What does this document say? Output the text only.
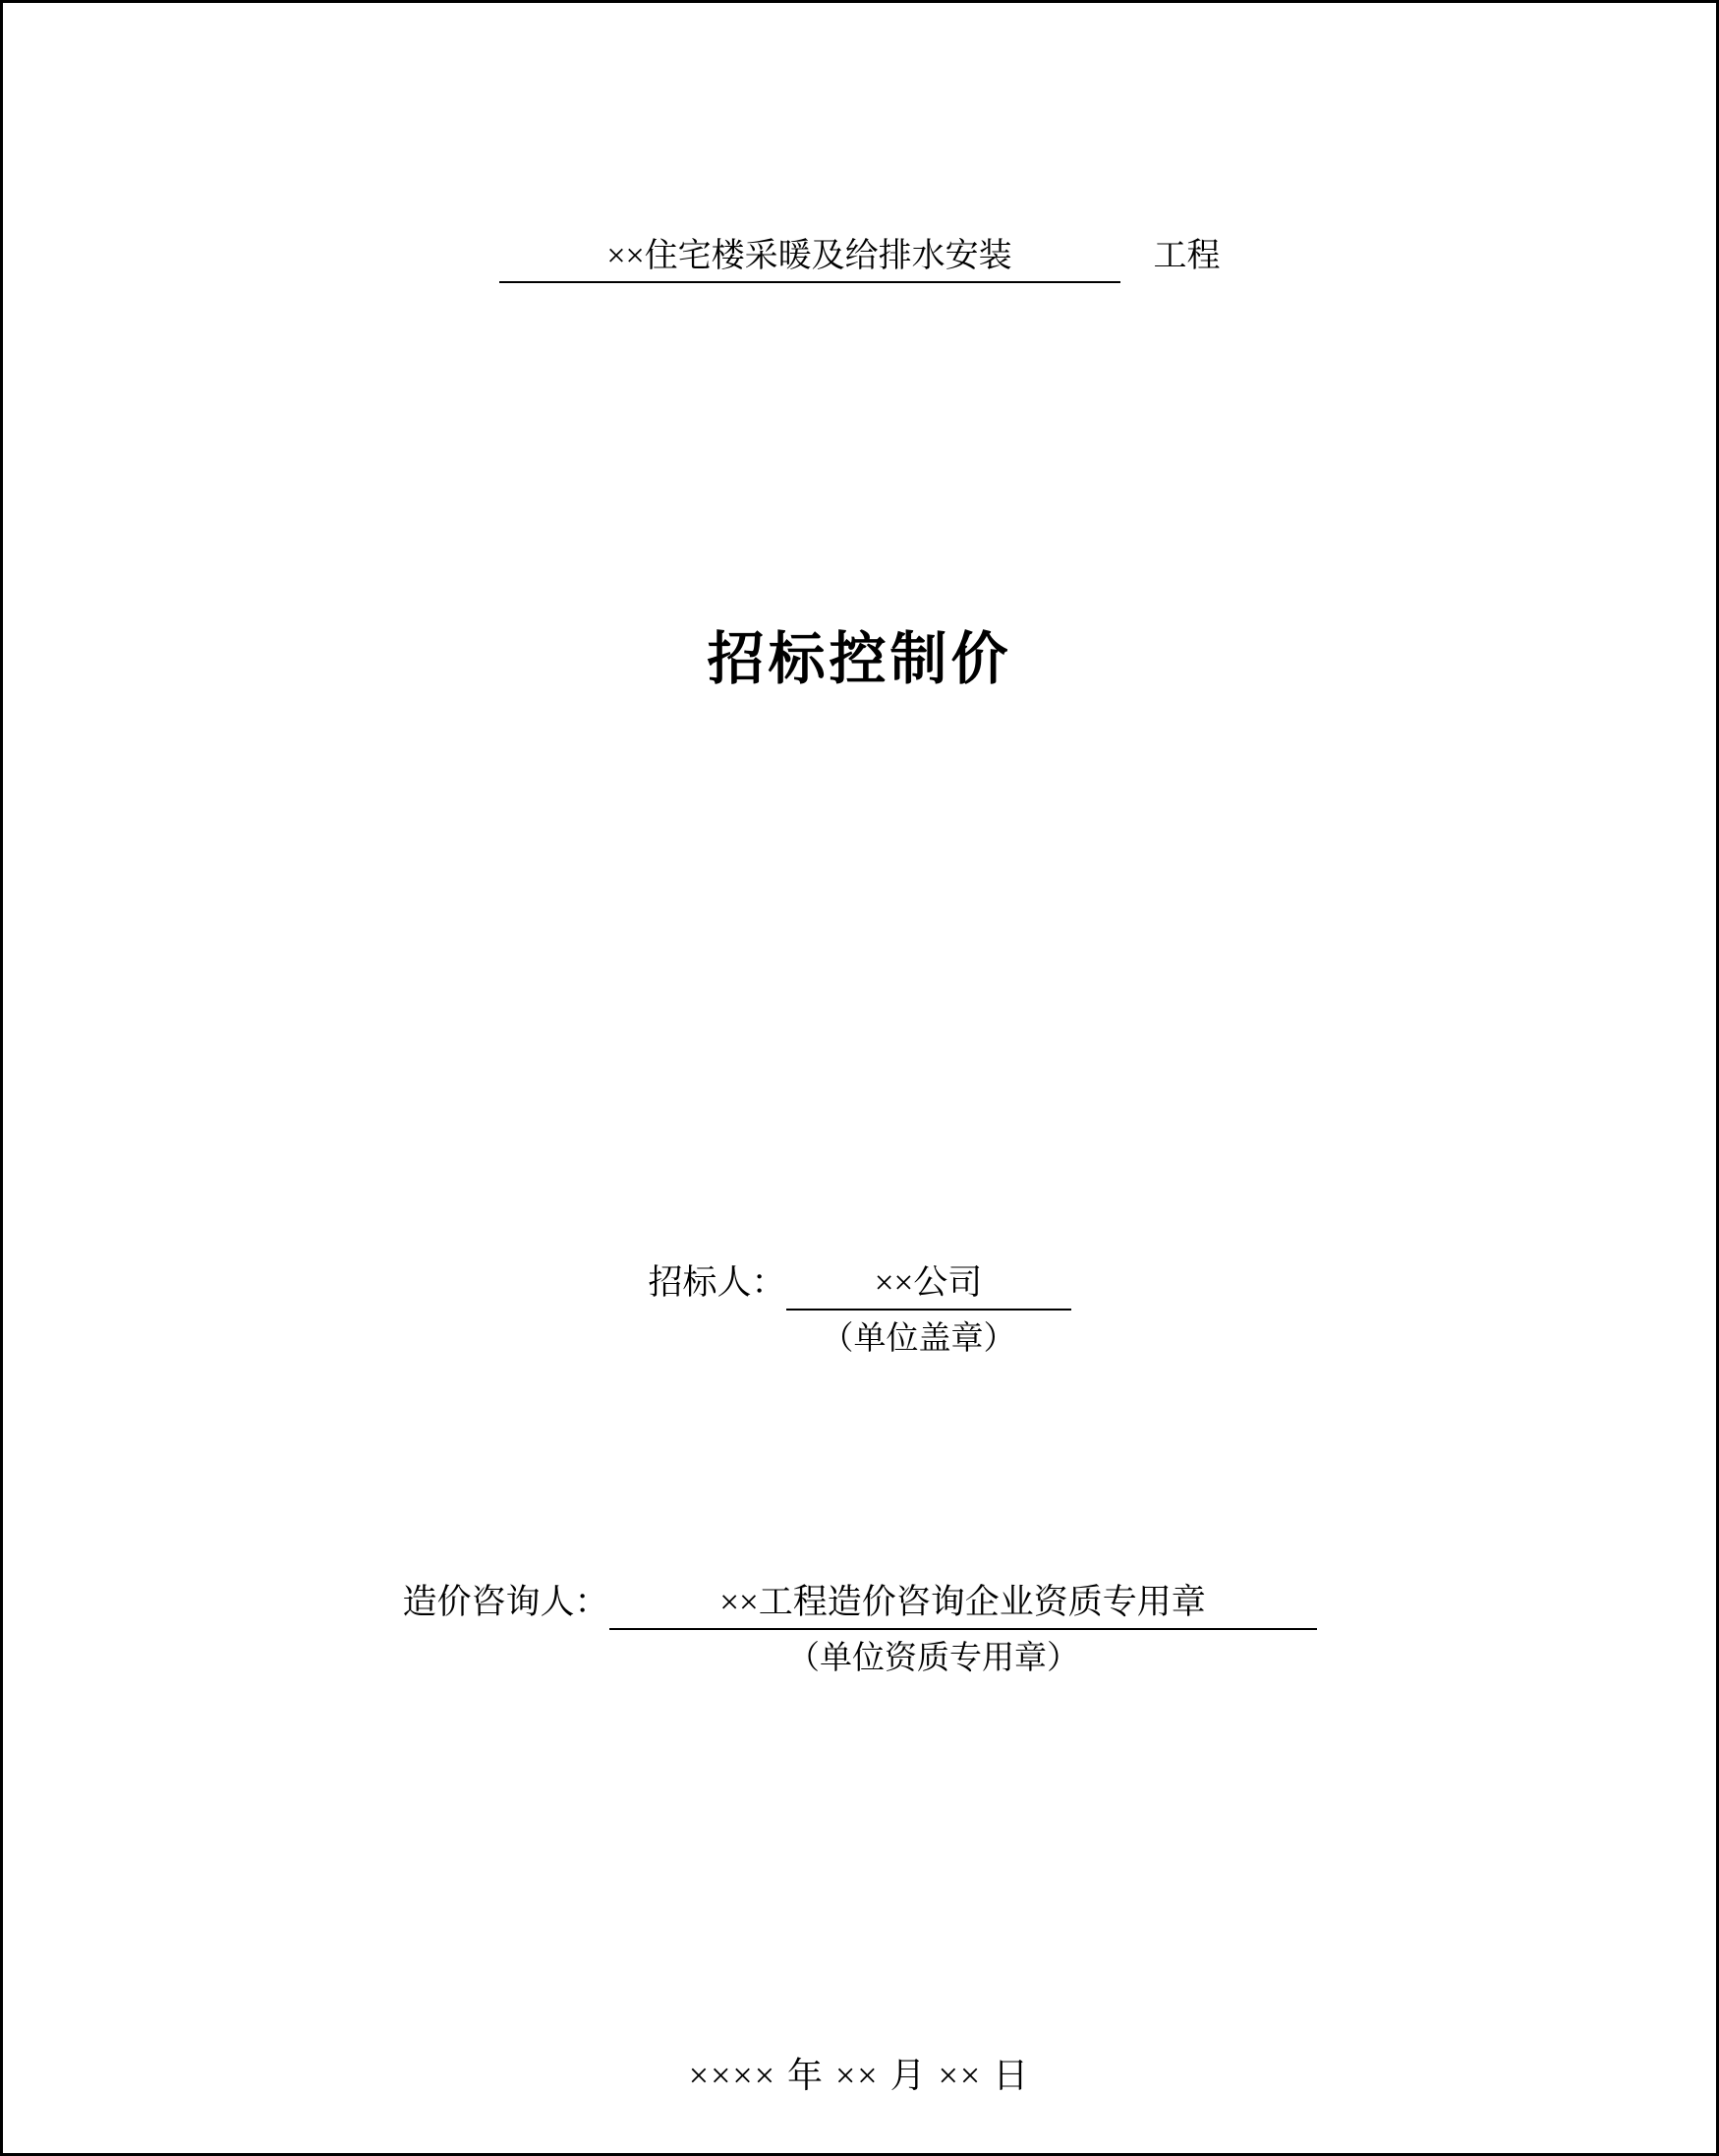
××住宅楼采暖及给排水安装	工程
招标控制价
招标人：	××公司
（单位盖章）
造价咨询人：	××工程造价咨询企业资质专用章
（单位资质专用章）
×××× 年 ×× 月 ×× 日
